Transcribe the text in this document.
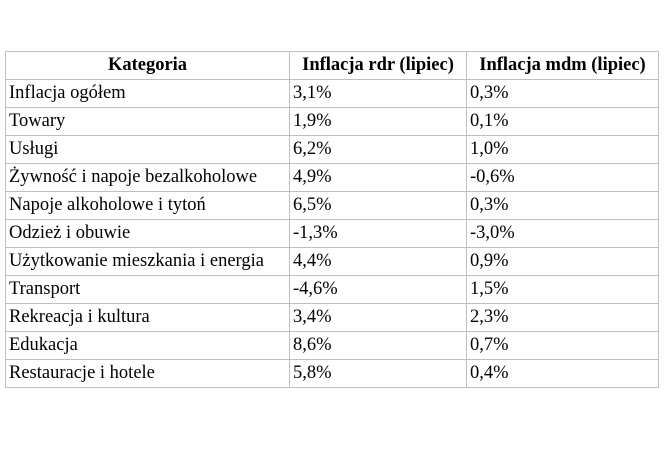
Kategoria	Inflacja rdr (lipiec)	Inflacja mdm (lipiec)
Inflacja ogółem	3,1%	0,3%
Towary	1,9%	0,1%
Usługi	6,2%	1,0%
Żywność i napoje bezalkoholowe	4,9%	-0,6%
Napoje alkoholowe i tytoń	6,5%	0,3%
Odzież i obuwie	-1,3%	-3,0%
Użytkowanie mieszkania i energia	4,4%	0,9%
Transport	-4,6%	1,5%
Rekreacja i kultura	3,4%	2,3%
Edukacja	8,6%	0,7%
Restauracje i hotele	5,8%	0,4%
